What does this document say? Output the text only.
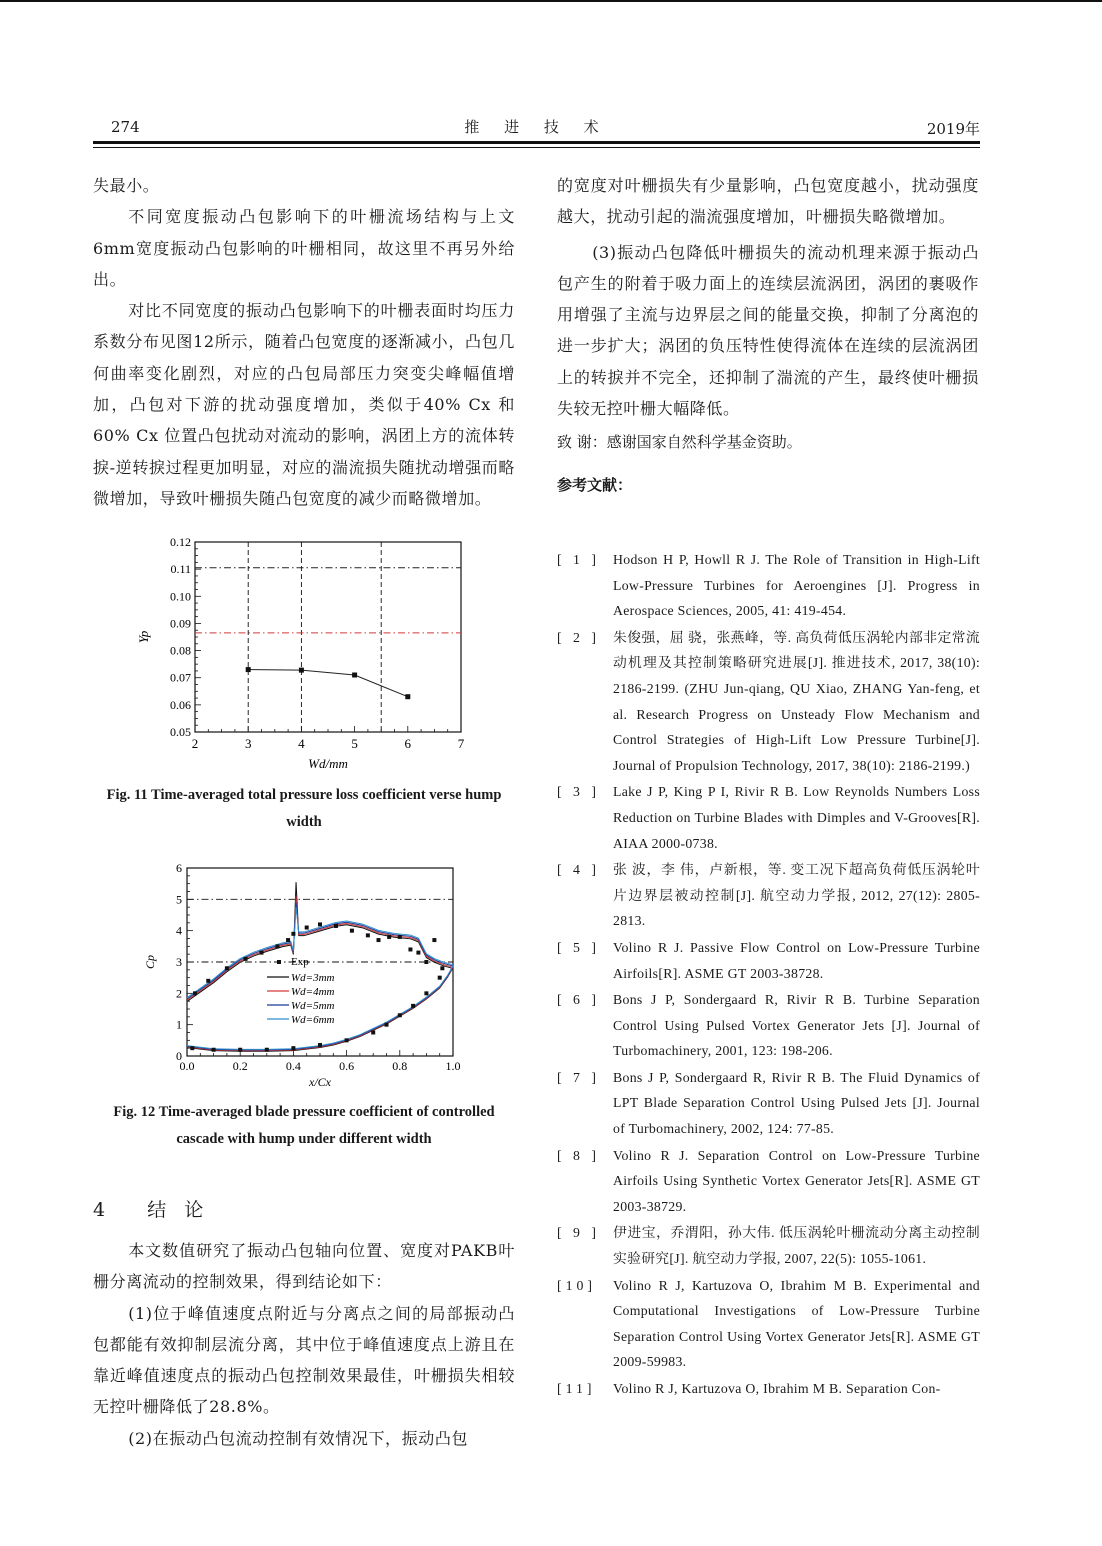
274	推 进 技 术	2019年

失最小。

不同宽度振动凸包影响下的叶栅流场结构与上文6mm宽度振动凸包影响的叶栅相同，故这里不再另外给出。

对比不同宽度的振动凸包影响下的叶栅表面时均压力系数分布见图12所示，随着凸包宽度的逐渐减小，凸包几何曲率变化剧烈，对应的凸包局部压力突变尖峰幅值增加，凸包对下游的扰动强度增加，类似于40% Cx 和60% Cx 位置凸包扰动对流动的影响，涡团上方的流体转捩-逆转捩过程更加明显，对应的湍流损失随扰动增强而略微增加，导致叶栅损失随凸包宽度的减少而略微增加。

2	3	4	5	6	7
0.05
0.06
0.07
0.08
0.09
0.10
0.11
0.12
Wd/mm
Yp
Fig. 11 Time-averaged total pressure loss coefficient verse hump width
0.0	0.2	0.4	0.6	0.8	1.0
0
1
2
3
4
5
6
Exp
Wd=3mm
Wd=4mm
Wd=5mm
Wd=6mm
x/Cx
Cp
Fig. 12 Time-averaged blade pressure coefficient of controlled cascade with hump under different width
4 结 论

本文数值研究了振动凸包轴向位置、宽度对PAKB叶栅分离流动的控制效果，得到结论如下：

(1)位于峰值速度点附近与分离点之间的局部振动凸包都能有效抑制层流分离，其中位于峰值速度点上游且在靠近峰值速度点的振动凸包控制效果最佳，叶栅损失相较无控叶栅降低了28.8%。

(2)在振动凸包流动控制有效情况下，振动凸包

的宽度对叶栅损失有少量影响，凸包宽度越小，扰动强度越大，扰动引起的湍流强度增加，叶栅损失略微增加。

(3)振动凸包降低叶栅损失的流动机理来源于振动凸包产生的附着于吸力面上的连续层流涡团，涡团的裹吸作用增强了主流与边界层之间的能量交换，抑制了分离泡的进一步扩大；涡团的负压特性使得流体在连续的层流涡团上的转捩并不完全，还抑制了湍流的产生，最终使叶栅损失较无控叶栅大幅降低。

致 谢：感谢国家自然科学基金资助。

参考文献：

[ 1 ] Hodson H P, Howll R J. The Role of Transition in High-Lift Low-Pressure Turbines for Aeroengines [J]. Progress in Aerospace Sciences, 2005, 41: 419-454.
[ 2 ] 朱俊强，屈 骁，张燕峰，等. 高负荷低压涡轮内部非定常流动机理及其控制策略研究进展[J]. 推进技术, 2017, 38(10): 2186-2199. (ZHU Jun-qiang, QU Xiao, ZHANG Yan-feng, et al. Research Progress on Unsteady Flow Mechanism and Control Strategies of High-Lift Low Pressure Turbine[J]. Journal of Propulsion Technology, 2017, 38(10): 2186-2199.)
[ 3 ] Lake J P, King P I, Rivir R B. Low Reynolds Numbers Loss Reduction on Turbine Blades with Dimples and V-Grooves[R]. AIAA 2000-0738.
[ 4 ] 张 波，李 伟，卢新根，等. 变工况下超高负荷低压涡轮叶片边界层被动控制[J]. 航空动力学报, 2012, 27(12): 2805-2813.
[ 5 ] Volino R J. Passive Flow Control on Low-Pressure Turbine Airfoils[R]. ASME GT 2003-38728.
[ 6 ] Bons J P, Sondergaard R, Rivir R B. Turbine Separation Control Using Pulsed Vortex Generator Jets [J]. Journal of Turbomachinery, 2001, 123: 198-206.
[ 7 ] Bons J P, Sondergaard R, Rivir R B. The Fluid Dynamics of LPT Blade Separation Control Using Pulsed Jets [J]. Journal of Turbomachinery, 2002, 124: 77-85.
[ 8 ] Volino R J. Separation Control on Low-Pressure Turbine Airfoils Using Synthetic Vortex Generator Jets[R]. ASME GT 2003-38729.
[ 9 ] 伊进宝，乔渭阳，孙大伟. 低压涡轮叶栅流动分离主动控制实验研究[J]. 航空动力学报, 2007, 22(5): 1055-1061.
[10] Volino R J, Kartuzova O, Ibrahim M B. Experimental and Computational Investigations of Low-Pressure Turbine Separation Control Using Vortex Generator Jets[R]. ASME GT 2009-59983.
[11] Volino R J, Kartuzova O, Ibrahim M B. Separation Con-
